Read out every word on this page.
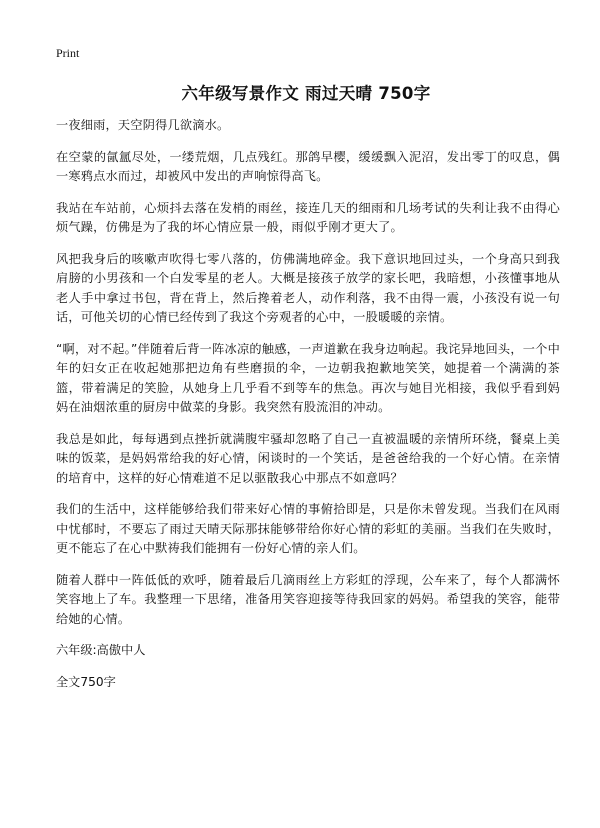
Print
六年级写景作文 雨过天晴 750字

一夜细雨，天空阴得几欲滴水。

在空蒙的氤氲尽处，一缕荒烟，几点残红。那鸽早樱，缓缓飘入泥沼，发出零丁的叹息，偶一寒鸦点水而过，却被风中发出的声响惊得高飞。

我站在车站前，心烦抖去落在发梢的雨丝，接连几天的细雨和几场考试的失利让我不由得心烦气躁，仿佛是为了我的坏心情应景一般，雨似乎刚才更大了。

风把我身后的咳嗽声吹得七零八落的，仿佛满地碎金。我下意识地回过头，一个身高只到我肩膀的小男孩和一个白发零星的老人。大概是接孩子放学的家长吧，我暗想，小孩懂事地从老人手中拿过书包，背在背上，然后搀着老人，动作利落，我不由得一震，小孩没有说一句话，可他关切的心情已经传到了我这个旁观者的心中，一股暖暖的亲情。

“啊，对不起。”伴随着后背一阵冰凉的触感，一声道歉在我身边响起。我诧异地回头，一个中年的妇女正在收起她那把边角有些磨损的伞，一边朝我抱歉地笑笑，她提着一个满满的茶篮，带着满足的笑脸，从她身上几乎看不到等车的焦急。再次与她目光相接，我似乎看到妈妈在油烟浓重的厨房中做菜的身影。我突然有股流泪的冲动。

我总是如此，每每遇到点挫折就满腹牢骚却忽略了自己一直被温暖的亲情所环绕，餐桌上美味的饭菜，是妈妈常给我的好心情，闲谈时的一个笑话，是爸爸给我的一个好心情。在亲情的培育中，这样的好心情难道不足以驱散我心中那点不如意吗？

我们的生活中，这样能够给我们带来好心情的事俯拾即是，只是你未曾发现。当我们在风雨中忧郁时，不要忘了雨过天晴天际那抹能够带给你好心情的彩虹的美丽。当我们在失败时，更不能忘了在心中默祷我们能拥有一份好心情的亲人们。

随着人群中一阵低低的欢呼，随着最后几滴雨丝上方彩虹的浮现，公车来了，每个人都满怀笑容地上了车。我整理一下思绪，准备用笑容迎接等待我回家的妈妈。希望我的笑容，能带给她的心情。

六年级:高傲中人

全文750字
